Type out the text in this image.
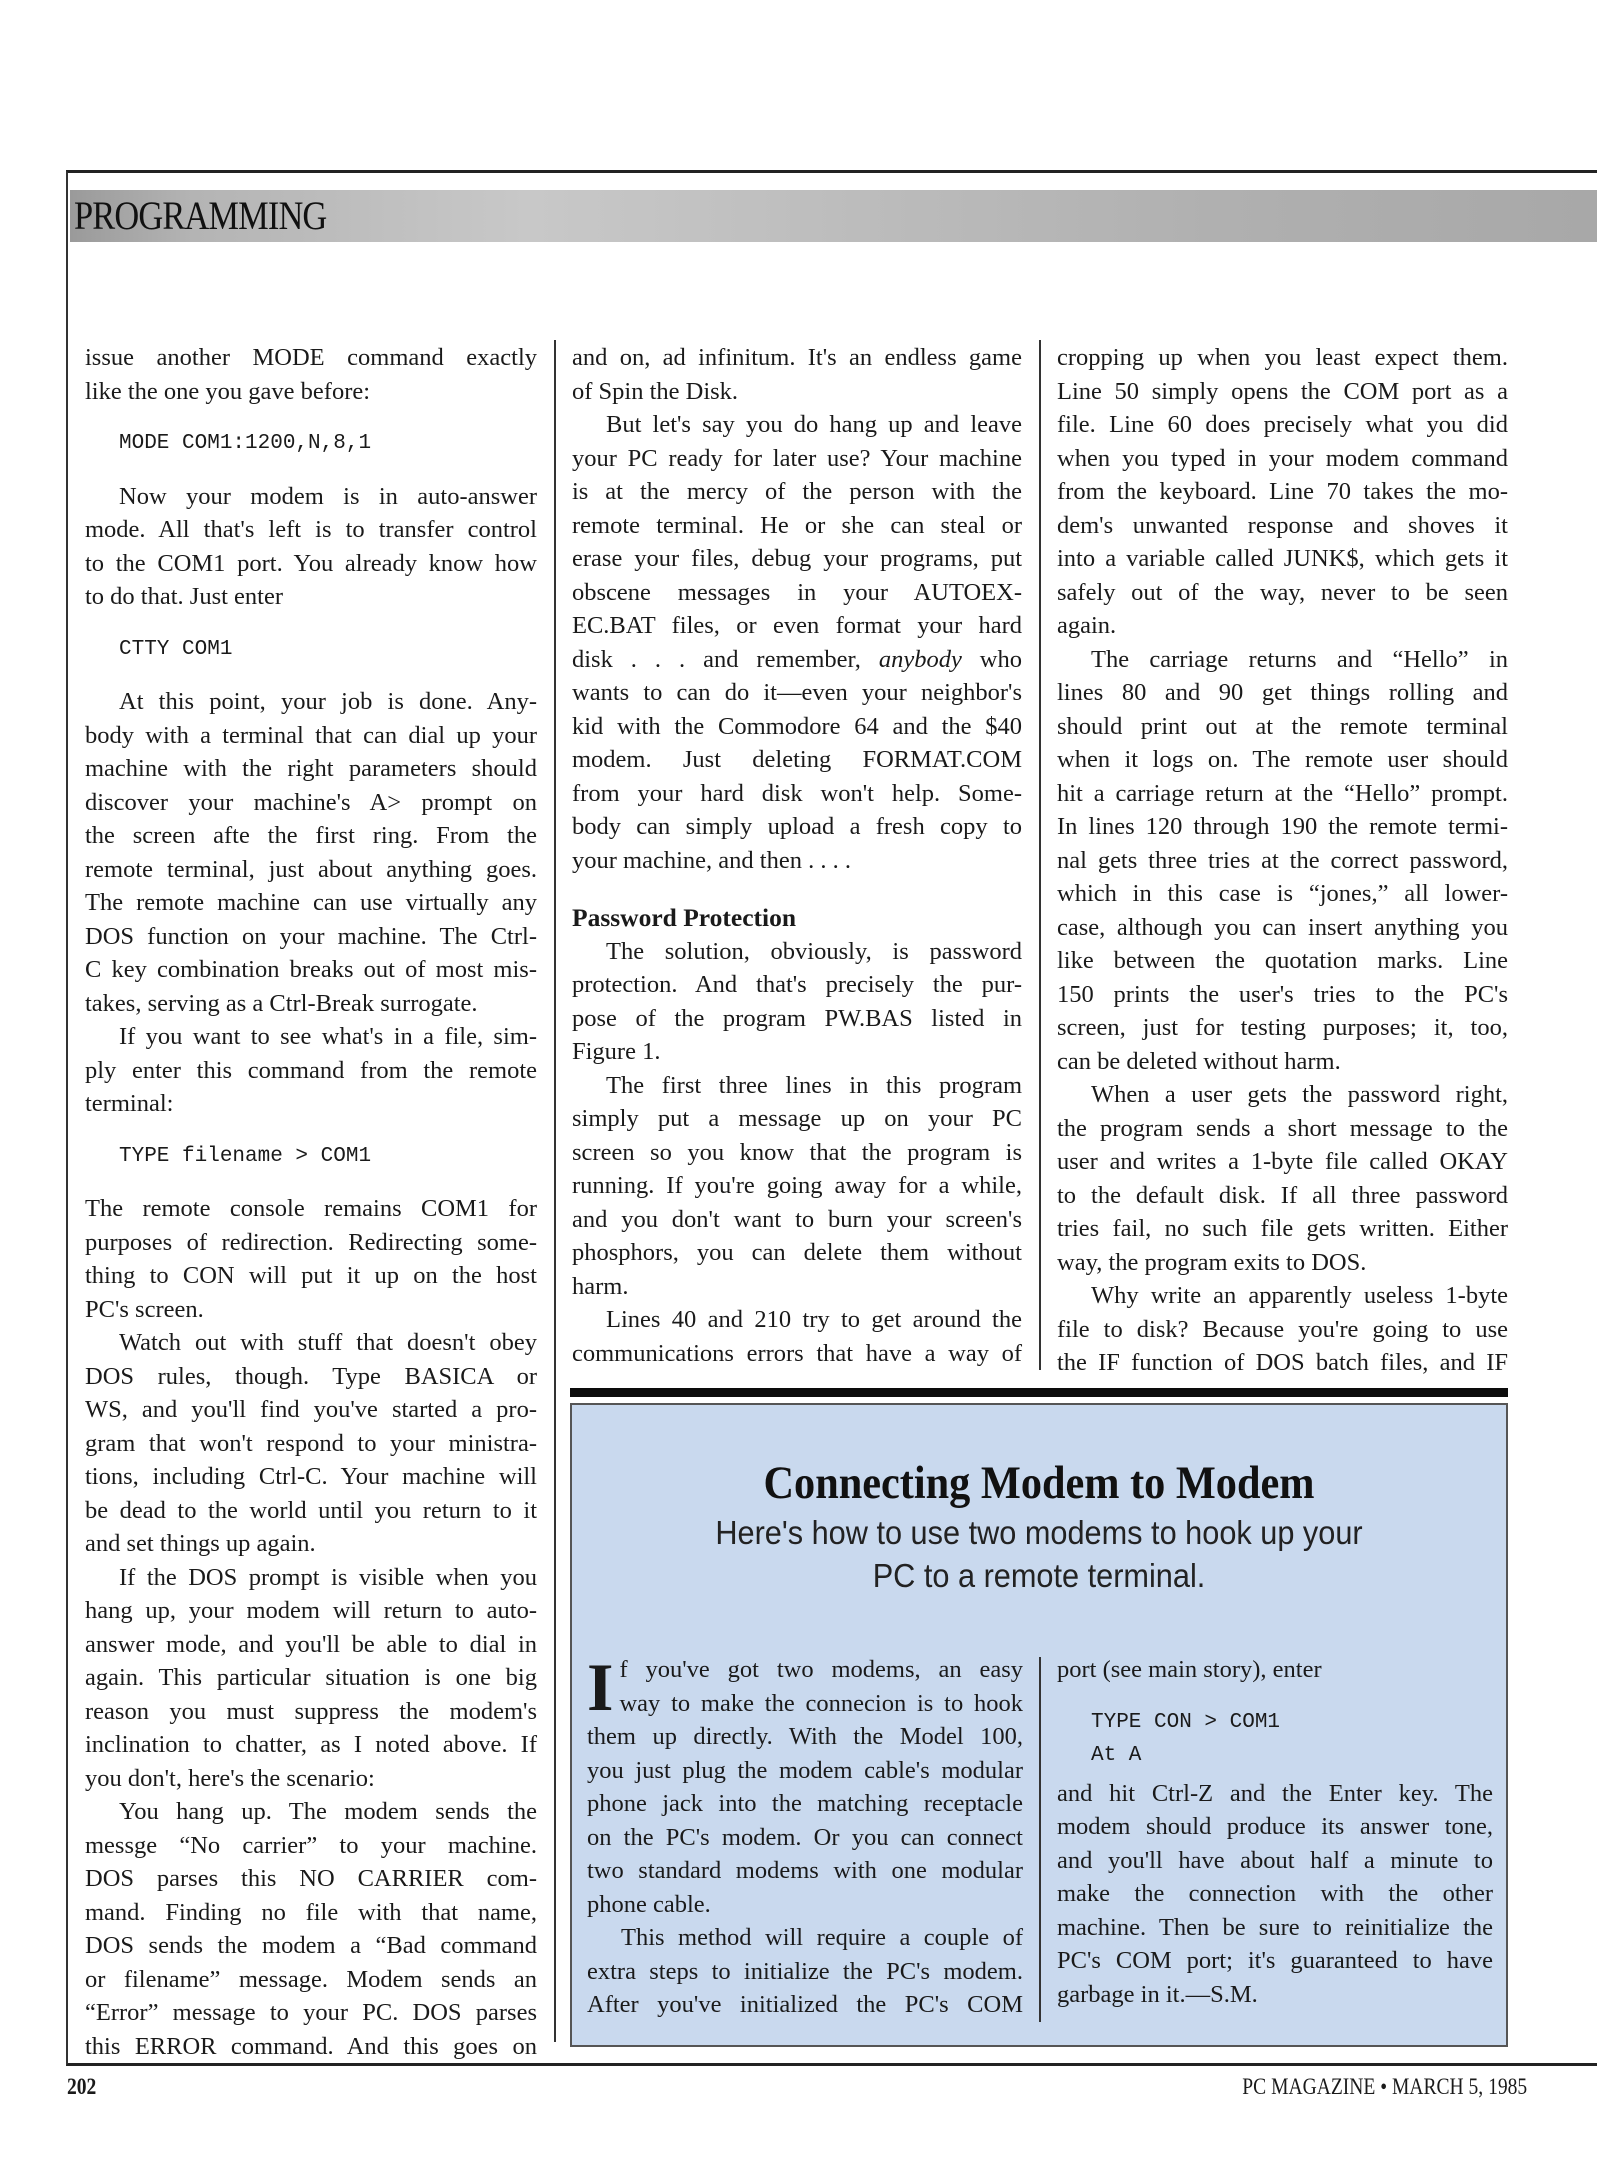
PROGRAMMING
issue another MODE command exactly
like the one you gave before:
MODE COM1:1200,N,8,1
Now your modem is in auto-answer
mode. All that's left is to transfer control
to the COM1 port. You already know how
to do that. Just enter
CTTY COM1
At this point, your job is done. Any-
body with a terminal that can dial up your
machine with the right parameters should
discover your machine's A> prompt on
the screen afte the first ring. From the
remote terminal, just about anything goes.
The remote machine can use virtually any
DOS function on your machine. The Ctrl-
C key combination breaks out of most mis-
takes, serving as a Ctrl-Break surrogate.
If you want to see what's in a file, sim-
ply enter this command from the remote
terminal:
TYPE filename > COM1
The remote console remains COM1 for
purposes of redirection. Redirecting some-
thing to CON will put it up on the host
PC's screen.
Watch out with stuff that doesn't obey
DOS rules, though. Type BASICA or
WS, and you'll find you've started a pro-
gram that won't respond to your ministra-
tions, including Ctrl-C. Your machine will
be dead to the world until you return to it
and set things up again.
If the DOS prompt is visible when you
hang up, your modem will return to auto-
answer mode, and you'll be able to dial in
again. This particular situation is one big
reason you must suppress the modem's
inclination to chatter, as I noted above. If
you don't, here's the scenario:
You hang up. The modem sends the
messge “No carrier” to your machine.
DOS parses this NO CARRIER com-
mand. Finding no file with that name,
DOS sends the modem a “Bad command
or filename” message. Modem sends an
“Error” message to your PC. DOS parses
this ERROR command. And this goes on
and on, ad infinitum. It's an endless game
of Spin the Disk.
But let's say you do hang up and leave
your PC ready for later use? Your machine
is at the mercy of the person with the
remote terminal. He or she can steal or
erase your files, debug your programs, put
obscene messages in your AUTOEX-
EC.BAT files, or even format your hard
disk . . . and remember, anybody who
wants to can do it—even your neighbor's
kid with the Commodore 64 and the $40
modem. Just deleting FORMAT.COM
from your hard disk won't help. Some-
body can simply upload a fresh copy to
your machine, and then . . . .
Password Protection
The solution, obviously, is password
protection. And that's precisely the pur-
pose of the program PW.BAS listed in
Figure 1.
The first three lines in this program
simply put a message up on your PC
screen so you know that the program is
running. If you're going away for a while,
and you don't want to burn your screen's
phosphors, you can delete them without
harm.
Lines 40 and 210 try to get around the
communications errors that have a way of
cropping up when you least expect them.
Line 50 simply opens the COM port as a
file. Line 60 does precisely what you did
when you typed in your modem command
from the keyboard. Line 70 takes the mo-
dem's unwanted response and shoves it
into a variable called JUNK$, which gets it
safely out of the way, never to be seen
again.
The carriage returns and “Hello” in
lines 80 and 90 get things rolling and
should print out at the remote terminal
when it logs on. The remote user should
hit a carriage return at the “Hello” prompt.
In lines 120 through 190 the remote termi-
nal gets three tries at the correct password,
which in this case is “jones,” all lower-
case, although you can insert anything you
like between the quotation marks. Line
150 prints the user's tries to the PC's
screen, just for testing purposes; it, too,
can be deleted without harm.
When a user gets the password right,
the program sends a short message to the
user and writes a 1-byte file called OKAY
to the default disk. If all three password
tries fail, no such file gets written. Either
way, the program exits to DOS.
Why write an apparently useless 1-byte
file to disk? Because you're going to use
the IF function of DOS batch files, and IF
Connecting Modem to Modem
Here's how to use two modems to hook up your
PC to a remote terminal.
I f you've got two modems, an easy
way to make the connecion is to hook
them up directly. With the Model 100,
you just plug the modem cable's modular
phone jack into the matching receptacle
on the PC's modem. Or you can connect
two standard modems with one modular
phone cable.
This method will require a couple of
extra steps to initialize the PC's modem.
After you've initialized the PC's COM
port (see main story), enter
TYPE CON > COM1
At A
and hit Ctrl-Z and the Enter key. The
modem should produce its answer tone,
and you'll have about half a minute to
make the connection with the other
machine. Then be sure to reinitialize the
PC's COM port; it's guaranteed to have
garbage in it.—S.M.
202	PC MAGAZINE • MARCH 5, 1985
